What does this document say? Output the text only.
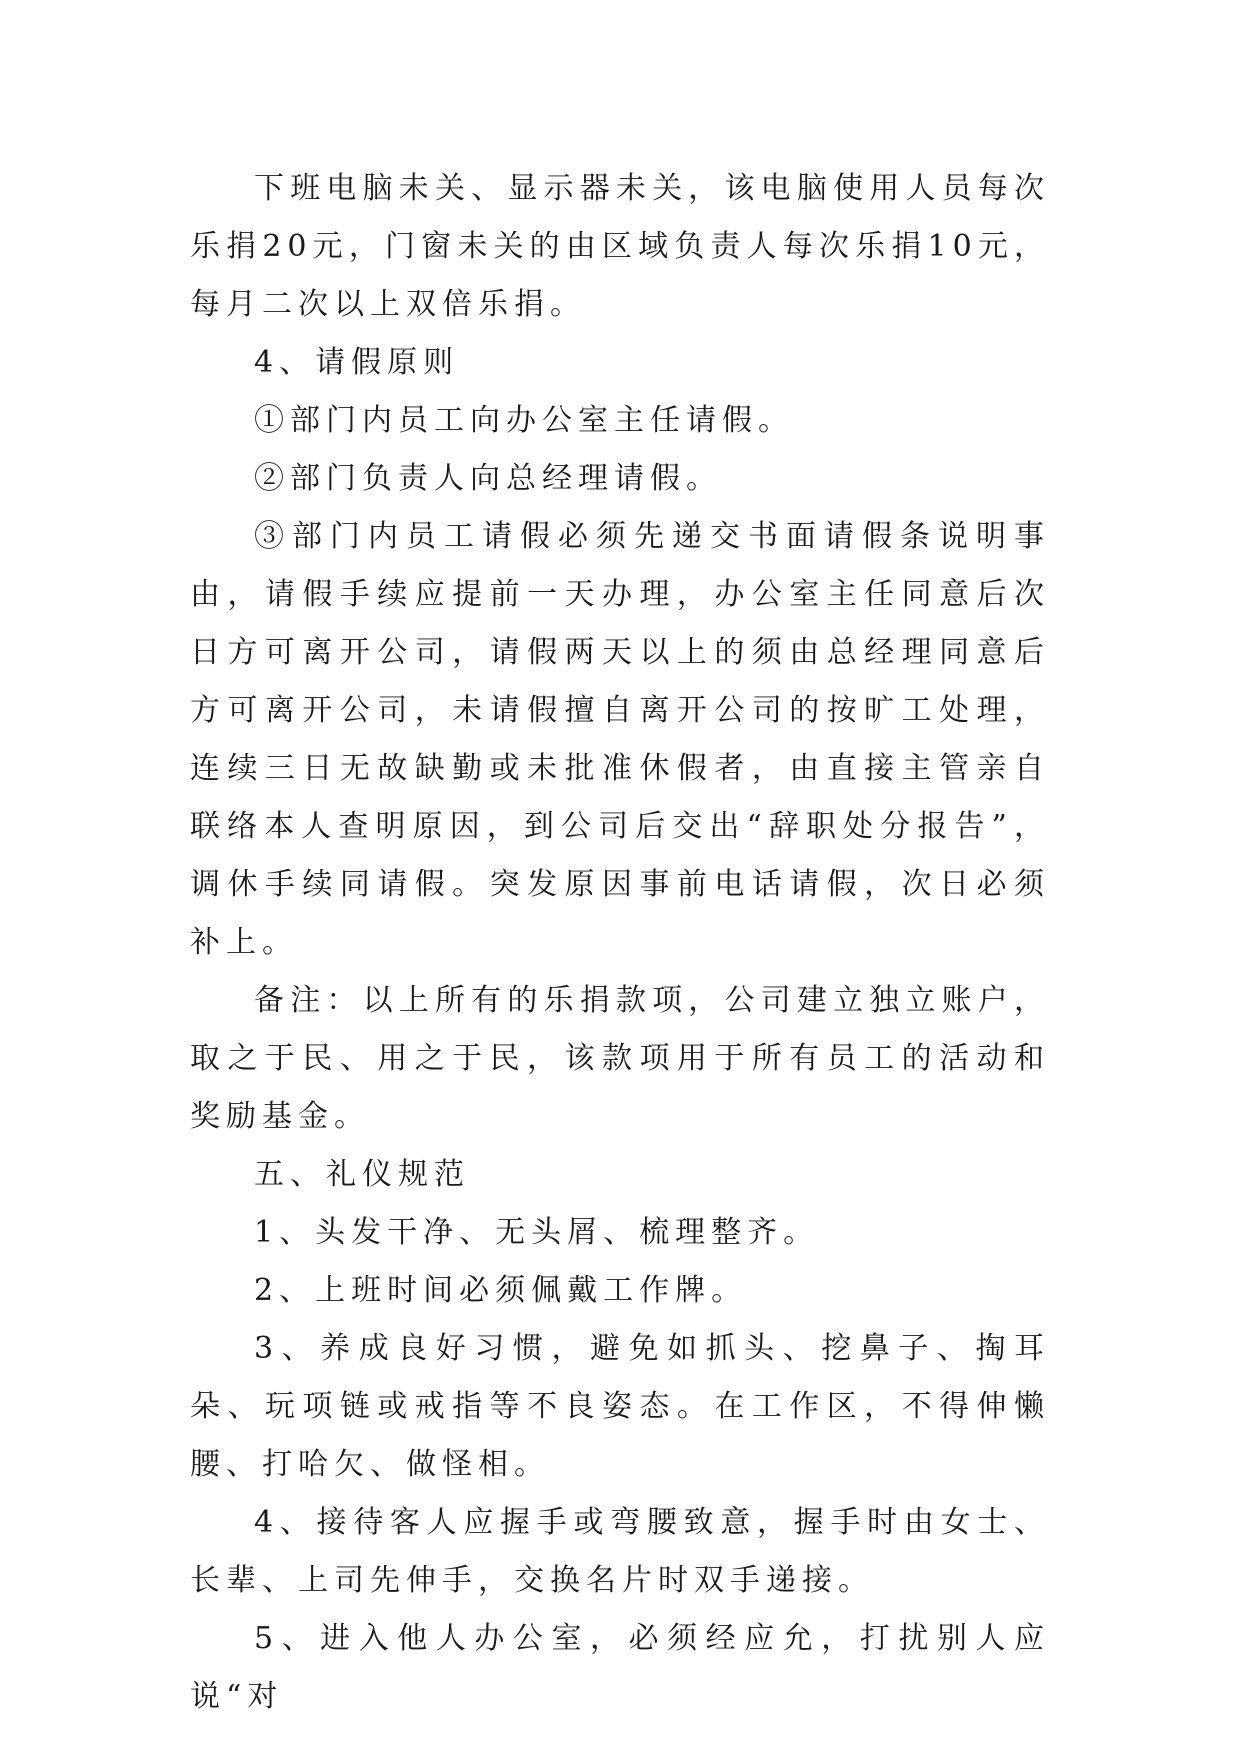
下班电脑未关、显示器未关，该电脑使用人员每次乐捐20元，门窗未关的由区域负责人每次乐捐10元，每月二次以上双倍乐捐。

4、请假原则

①部门内员工向办公室主任请假。

②部门负责人向总经理请假。

③部门内员工请假必须先递交书面请假条说明事由，请假手续应提前一天办理，办公室主任同意后次日方可离开公司，请假两天以上的须由总经理同意后方可离开公司，未请假擅自离开公司的按旷工处理，连续三日无故缺勤或未批准休假者，由直接主管亲自联络本人查明原因，到公司后交出“辞职处分报告”，调休手续同请假。突发原因事前电话请假，次日必须补上。

备注：以上所有的乐捐款项，公司建立独立账户，取之于民、用之于民，该款项用于所有员工的活动和奖励基金。

五、礼仪规范

1、头发干净、无头屑、梳理整齐。

2、上班时间必须佩戴工作牌。

3、养成良好习惯，避免如抓头、挖鼻子、掏耳朵、玩项链或戒指等不良姿态。在工作区，不得伸懒腰、打哈欠、做怪相。

4、接待客人应握手或弯腰致意，握手时由女士、长辈、上司先伸手，交换名片时双手递接。

5、进入他人办公室，必须经应允，打扰别人应说“对
